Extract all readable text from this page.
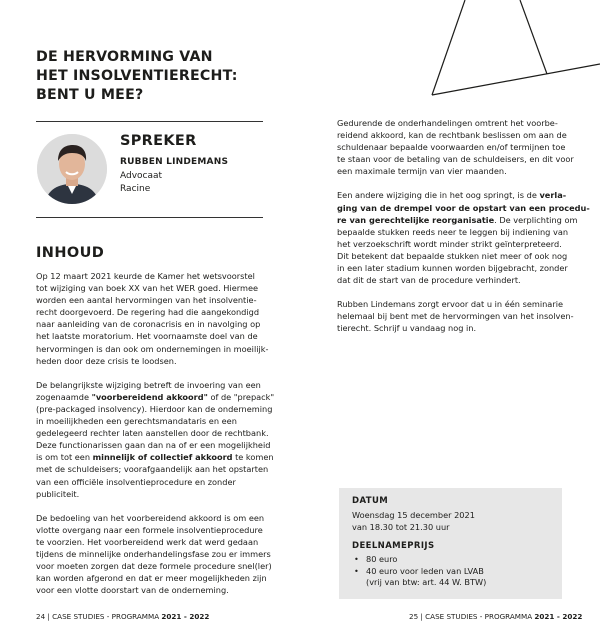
DE HERVORMING VAN
HET INSOLVENTIERECHT:
BENT U MEE?
SPREKER
RUBBEN LINDEMANS
Advocaat
Racine
INHOUD
Op 12 maart 2021 keurde de Kamer het wetsvoorstel
tot wijziging van boek XX van het WER goed. Hiermee
worden een aantal hervormingen van het insolventie-
recht doorgevoerd. De regering had die aangekondigd
naar aanleiding van de coronacrisis en in navolging op
het laatste moratorium. Het voornaamste doel van de
hervormingen is dan ook om ondernemingen in moeilijk-
heden door deze crisis te loodsen.
De belangrijkste wijziging betreft de invoering van een
zogenaamde "voorbereidend akkoord" of de "prepack"
(pre-packaged insolvency). Hierdoor kan de onderneming
in moeilijkheden een gerechtsmandataris en een
gedelegeerd rechter laten aanstellen door de rechtbank.
Deze functionarissen gaan dan na of er een mogelijkheid
is om tot een minnelijk of collectief akkoord te komen
met de schuldeisers; voorafgaandelijk aan het opstarten
van een officiële insolventieprocedure en zonder
publiciteit.
De bedoeling van het voorbereidend akkoord is om een
vlotte overgang naar een formele insolventieprocedure
te voorzien. Het voorbereidend werk dat werd gedaan
tijdens de minnelijke onderhandelingsfase zou er immers
voor moeten zorgen dat deze formele procedure snel(ler)
kan worden afgerond en dat er meer mogelijkheden zijn
voor een vlotte doorstart van de onderneming.
Gedurende de onderhandelingen omtrent het voorbe-
reidend akkoord, kan de rechtbank beslissen om aan de
schuldenaar bepaalde voorwaarden en/of termijnen toe
te staan voor de betaling van de schuldeisers, en dit voor
een maximale termijn van vier maanden.
Een andere wijziging die in het oog springt, is de verla-
ging van de drempel voor de opstart van een procedu-
re van gerechtelijke reorganisatie. De verplichting om
bepaalde stukken reeds neer te leggen bij indiening van
het verzoekschrift wordt minder strikt geïnterpreteerd.
Dit betekent dat bepaalde stukken niet meer of ook nog
in een later stadium kunnen worden bijgebracht, zonder
dat dit de start van de procedure verhindert.
Rubben Lindemans zorgt ervoor dat u in één seminarie
helemaal bij bent met de hervormingen van het insolven-
tierecht. Schrijf u vandaag nog in.
DATUM
Woensdag 15 december 2021
van 18.30 tot 21.30 uur
DEELNAMEPRIJS
• 80 euro
• 40 euro voor leden van LVAB
(vrij van btw: art. 44 W. BTW)
24 | CASE STUDIES - PROGRAMMA 2021 - 2022	25 | CASE STUDIES - PROGRAMMA 2021 - 2022
